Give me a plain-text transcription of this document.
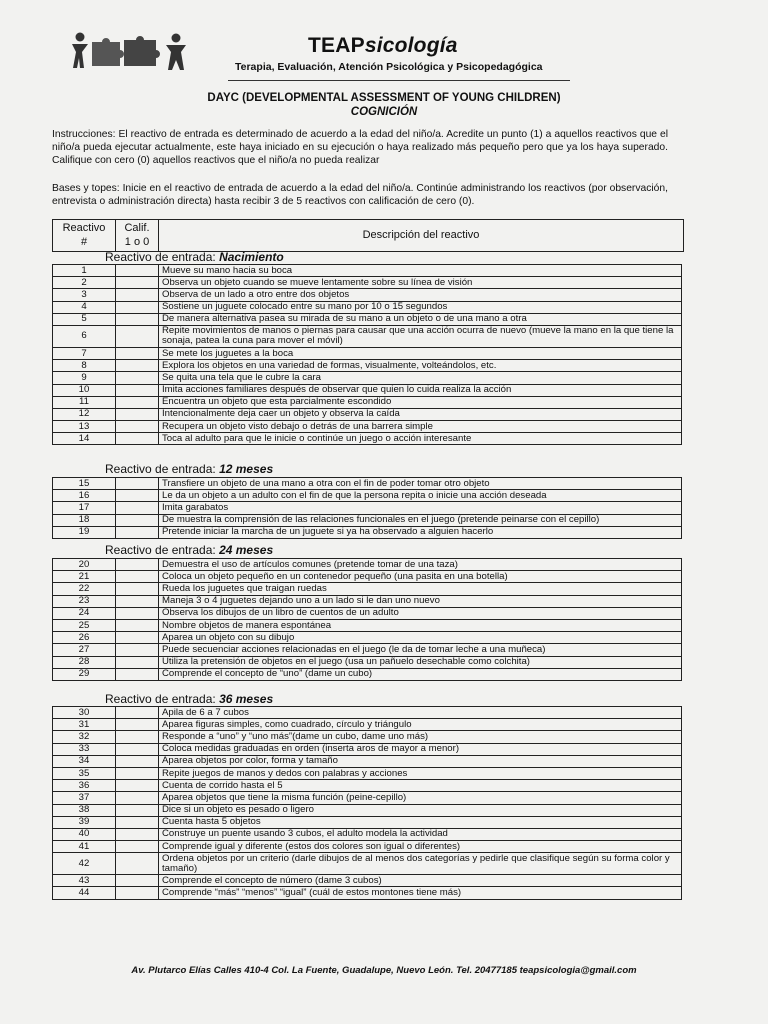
TEAPsicología
Terapia, Evaluación, Atención Psicológica y Psicopedagógica
DAYC (DEVELOPMENTAL ASSESSMENT OF YOUNG CHILDREN)
COGNICIÓN
Instrucciones: El reactivo de entrada es determinado de acuerdo a la edad del niño/a. Acredite un punto (1) a aquellos reactivos que el niño/a pueda ejecutar actualmente, este haya iniciado en su ejecución o haya realizado más pequeño pero que ya los haya superado. Califique con cero (0) aquellos reactivos que el niño/a no pueda realizar
Bases y topes: Inicie en el reactivo de entrada de acuerdo a la edad del niño/a. Continúe administrando los reactivos (por observación, entrevista o administración directa) hasta recibir 3 de 5 reactivos con calificación de cero (0).
Reactivo
#
Calif.
1 o 0
Descripción del reactivo
Reactivo de entrada: Nacimiento
1		Mueve su mano hacia su boca
2		Observa un objeto cuando se mueve lentamente sobre su línea de visión
3		Observa de un lado a otro entre dos objetos
4		Sostiene un juguete colocado entre su mano por 10 o 15 segundos
5		De manera alternativa pasea su mirada de su mano a un objeto o de una mano a otra
6		Repite movimientos de manos o piernas para causar que una acción ocurra de nuevo (mueve la mano en la que tiene la sonaja, patea la cuna para mover el móvil)
7		Se mete los juguetes a la boca
8		Explora los objetos en una variedad de formas, visualmente, volteándolos, etc.
9		Se quita una tela que le cubre la cara
10		Imita acciones familiares después de observar que quien lo cuida realiza la acción
11		Encuentra un objeto que esta parcialmente escondido
12		Intencionalmente deja caer un objeto y observa la caída
13		Recupera un objeto visto debajo o detrás de una barrera simple
14		Toca al adulto para que le inicie o continúe un juego o acción interesante
Reactivo de entrada: 12 meses
15		Transfiere un objeto de una mano a otra con el fin de poder tomar otro objeto
16		Le da un objeto a un adulto con el fin de que la persona repita o inicie una acción deseada
17		Imita garabatos
18		De muestra la comprensión de las relaciones funcionales en el juego (pretende peinarse con el cepillo)
19		Pretende iniciar la marcha de un juguete si ya ha observado a alguien hacerlo
Reactivo de entrada: 24 meses
20		Demuestra el uso de artículos comunes (pretende tomar de una taza)
21		Coloca un objeto pequeño en un contenedor pequeño (una pasita en una botella)
22		Rueda los juguetes que traigan ruedas
23		Maneja 3 o 4 juguetes dejando uno a un lado si le dan uno nuevo
24		Observa los dibujos de un libro de cuentos de un adulto
25		Nombre objetos de manera espontánea
26		Aparea un objeto con su dibujo
27		Puede secuenciar acciones relacionadas en el juego (le da de tomar leche a una muñeca)
28		Utiliza la pretensión de objetos en el juego (usa un pañuelo desechable como colchita)
29		Comprende el concepto de “uno” (dame un cubo)
Reactivo de entrada: 36 meses
30		Apila de 6 a 7 cubos
31		Aparea figuras simples, como cuadrado, círculo y triángulo
32		Responde a “uno” y “uno más”(dame un cubo, dame uno más)
33		Coloca medidas graduadas en orden (inserta aros de mayor a menor)
34		Aparea objetos por color, forma y tamaño
35		Repite juegos de manos y dedos con palabras y acciones
36		Cuenta de corrido hasta el 5
37		Aparea objetos que tiene la misma función (peine-cepillo)
38		Dice si un objeto es pesado o ligero
39		Cuenta hasta 5 objetos
40		Construye un puente usando 3 cubos, el adulto modela la actividad
41		Comprende igual y diferente (estos dos colores son igual o diferentes)
42		Ordena objetos por un criterio (darle dibujos de al menos dos categorías y pedirle que clasifique según su forma color y tamaño)
43		Comprende el concepto de número (dame 3 cubos)
44		Comprende “más” “menos” “igual” (cuál de estos montones tiene más)
Av. Plutarco Elías Calles 410-4 Col. La Fuente, Guadalupe, Nuevo León. Tel. 20477185 teapsicologia@gmail.com
